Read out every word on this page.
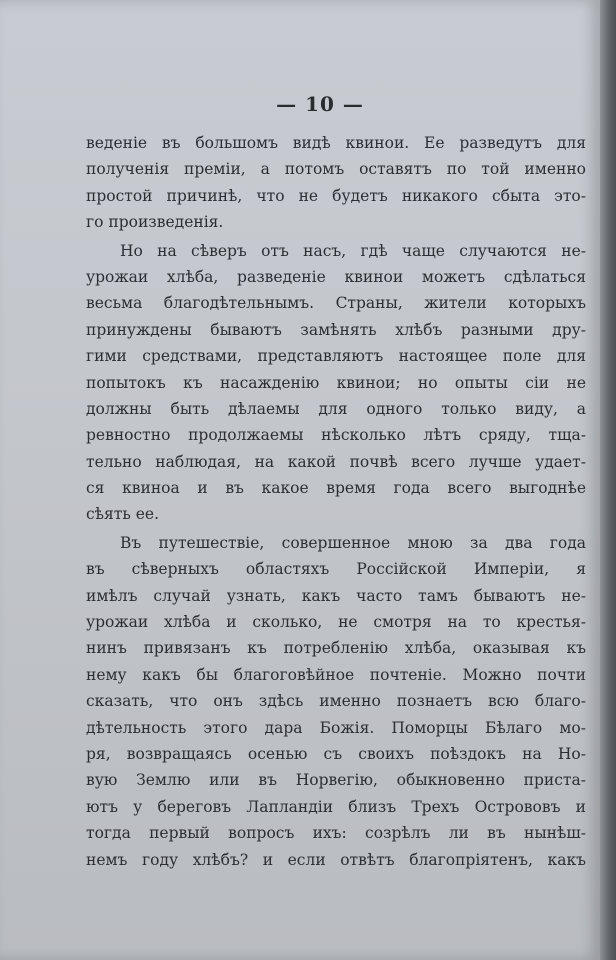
— 10 —
веденіе въ большомъ видѣ квинои. Ее разведутъ для
полученія преміи, а потомъ оставятъ по той именно
простой причинѣ, что не будетъ никакого сбыта это-
го произведенія.
Но на сѣверъ отъ насъ, гдѣ чаще случаются не-
урожаи хлѣба, разведеніе квинои можетъ сдѣлаться
весьма благодѣтельнымъ. Страны, жители которыхъ
принуждены бываютъ замѣнять хлѣбъ разными дру-
гими средствами, представляютъ настоящее поле для
попытокъ къ насажденію квинои; но опыты сіи не
должны быть дѣлаемы для одного только виду, а
ревностно продолжаемы нѣсколько лѣтъ сряду, тща-
тельно наблюдая, на какой почвѣ всего лучше удает-
ся квиноа и въ какое время года всего выгоднѣе
сѣять ее.
Въ путешествіе, совершенное мною за два года
въ сѣверныхъ областяхъ Россійской Имперіи, я
имѣлъ случай узнать, какъ часто тамъ бываютъ не-
урожаи хлѣба и сколько, не смотря на то крестья-
нинъ привязанъ къ потребленію хлѣба, оказывая къ
нему какъ бы благоговѣйное почтеніе. Можно почти
сказать, что онъ здѣсь именно познаетъ всю благо-
дѣтельность этого дара Божія. Поморцы Бѣлаго мо-
ря, возвращаясь осенью съ своихъ поѣздокъ на Но-
вую Землю или въ Норвегію, обыкновенно приста-
ютъ у береговъ Лапландіи близъ Трехъ Острововъ и
тогда первый вопросъ ихъ: созрѣлъ ли въ нынѣш-
немъ году хлѣбъ? и если отвѣтъ благопріятенъ, какъ
